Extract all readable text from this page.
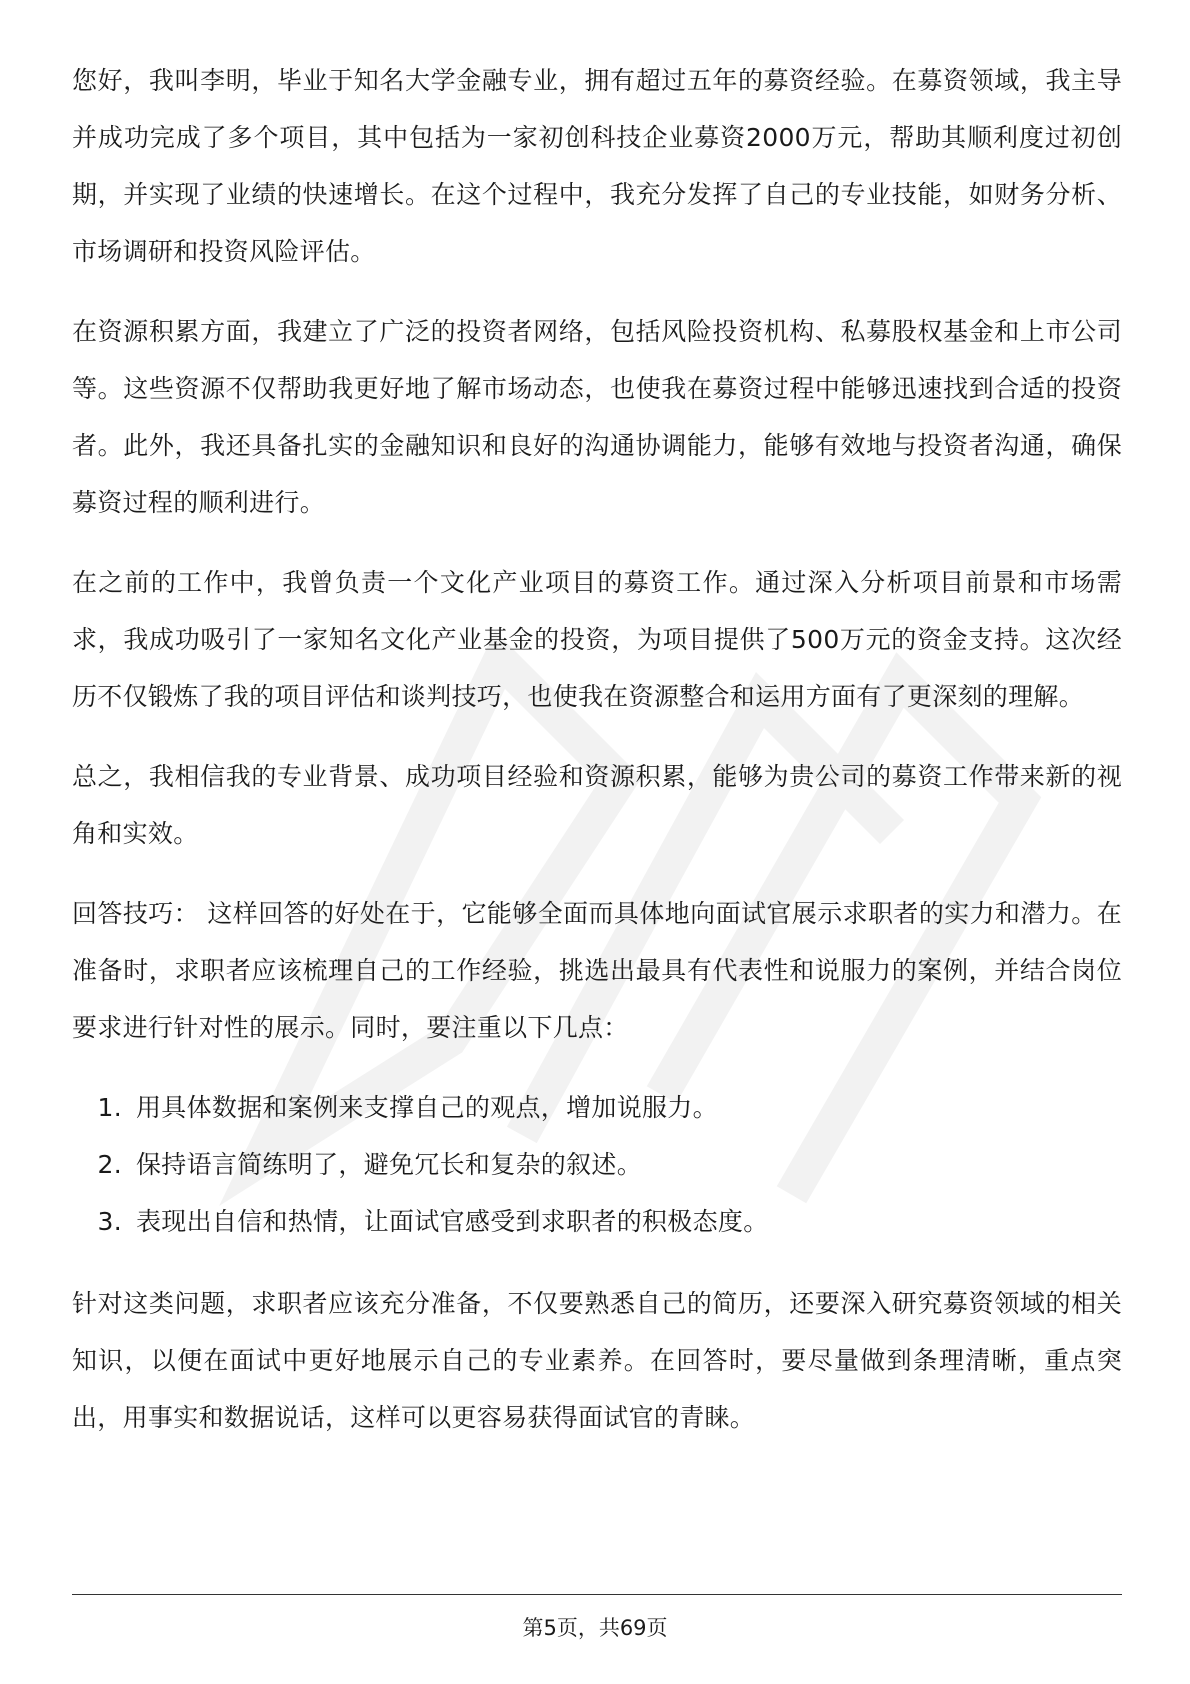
您好，我叫李明，毕业于知名大学金融专业，拥有超过五年的募资经验。在募资领域，我主导并成功完成了多个项目，其中包括为一家初创科技企业募资2000万元，帮助其顺利度过初创期，并实现了业绩的快速增长。在这个过程中，我充分发挥了自己的专业技能，如财务分析、市场调研和投资风险评估。

在资源积累方面，我建立了广泛的投资者网络，包括风险投资机构、私募股权基金和上市公司等。这些资源不仅帮助我更好地了解市场动态，也使我在募资过程中能够迅速找到合适的投资者。此外，我还具备扎实的金融知识和良好的沟通协调能力，能够有效地与投资者沟通，确保募资过程的顺利进行。

在之前的工作中，我曾负责一个文化产业项目的募资工作。通过深入分析项目前景和市场需求，我成功吸引了一家知名文化产业基金的投资，为项目提供了500万元的资金支持。这次经历不仅锻炼了我的项目评估和谈判技巧，也使我在资源整合和运用方面有了更深刻的理解。

总之，我相信我的专业背景、成功项目经验和资源积累，能够为贵公司的募资工作带来新的视角和实效。

回答技巧： 这样回答的好处在于，它能够全面而具体地向面试官展示求职者的实力和潜力。在准备时，求职者应该梳理自己的工作经验，挑选出最具有代表性和说服力的案例，并结合岗位要求进行针对性的展示。同时，要注重以下几点：

1. 用具体数据和案例来支撑自己的观点，增加说服力。
2. 保持语言简练明了，避免冗长和复杂的叙述。
3. 表现出自信和热情，让面试官感受到求职者的积极态度。

针对这类问题，求职者应该充分准备，不仅要熟悉自己的简历，还要深入研究募资领域的相关知识，以便在面试中更好地展示自己的专业素养。在回答时，要尽量做到条理清晰，重点突出，用事实和数据说话，这样可以更容易获得面试官的青睐。

第5页，共69页
